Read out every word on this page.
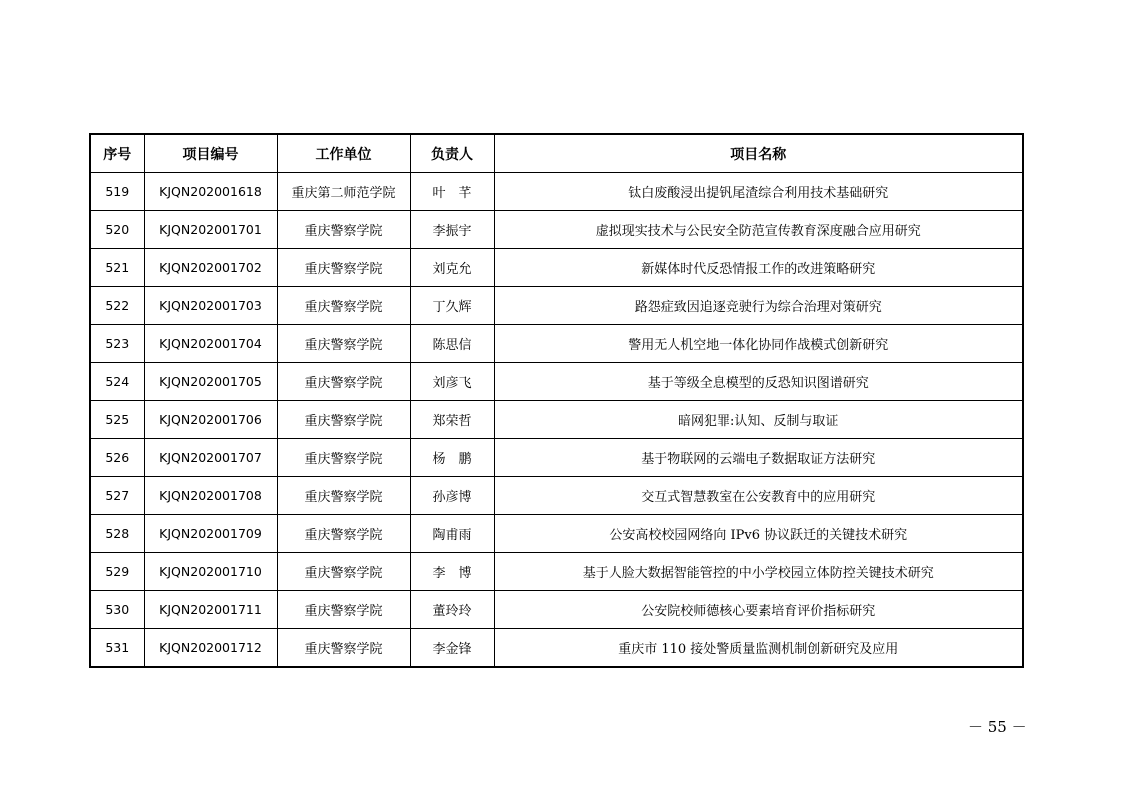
序号	项目编号	工作单位	负责人	项目名称
519	KJQN202001618	重庆第二师范学院	叶　芊	钛白废酸浸出提钒尾渣综合利用技术基础研究
520	KJQN202001701	重庆警察学院	李振宇	虚拟现实技术与公民安全防范宣传教育深度融合应用研究
521	KJQN202001702	重庆警察学院	刘克允	新媒体时代反恐情报工作的改进策略研究
522	KJQN202001703	重庆警察学院	丁久辉	路怨症致因追逐竞驶行为综合治理对策研究
523	KJQN202001704	重庆警察学院	陈思信	警用无人机空地一体化协同作战模式创新研究
524	KJQN202001705	重庆警察学院	刘彦飞	基于等级全息模型的反恐知识图谱研究
525	KJQN202001706	重庆警察学院	郑荣哲	暗网犯罪:认知、反制与取证
526	KJQN202001707	重庆警察学院	杨　鹏	基于物联网的云端电子数据取证方法研究
527	KJQN202001708	重庆警察学院	孙彦博	交互式智慧教室在公安教育中的应用研究
528	KJQN202001709	重庆警察学院	陶甫雨	公安高校校园网络向 IPv6 协议跃迁的关键技术研究
529	KJQN202001710	重庆警察学院	李　博	基于人脸大数据智能管控的中小学校园立体防控关键技术研究
530	KJQN202001711	重庆警察学院	董玲玲	公安院校师德核心要素培育评价指标研究
531	KJQN202001712	重庆警察学院	李金锋	重庆市 110 接处警质量监测机制创新研究及应用
－ 55 －
